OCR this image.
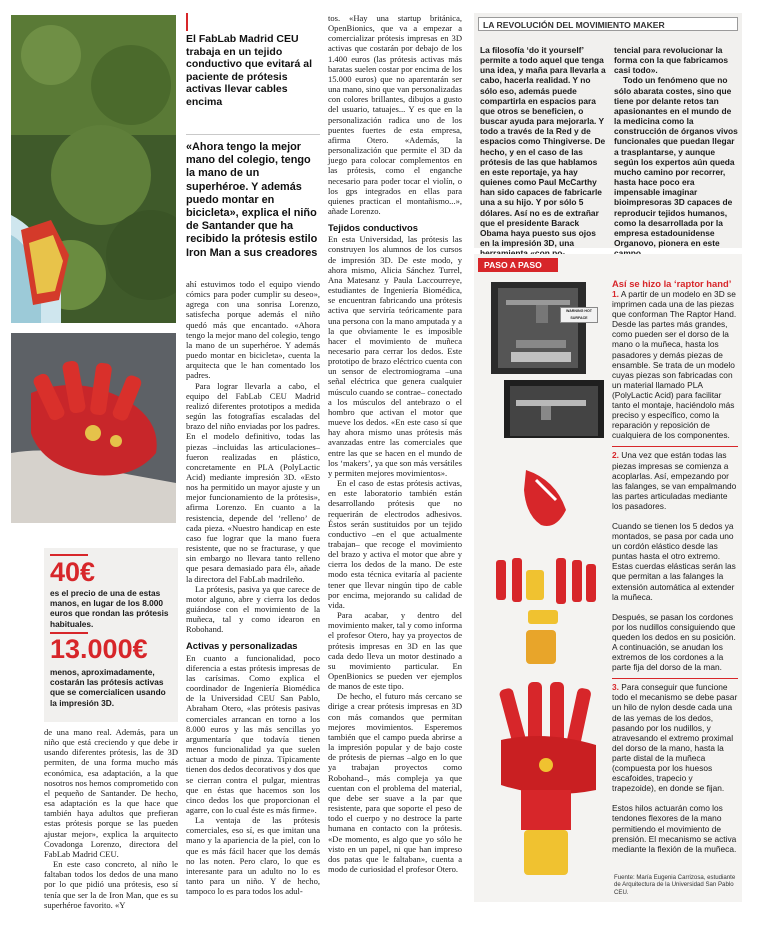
40€
es el precio de una de estas manos, en lugar de los 8.000 euros que rondan las prótesis habituales.
13.000€
menos, aproximadamente, costarán las prótesis activas que se comercialicen usando la impresión 3D.

de una mano real. Además, para un niño que está creciendo y que debe ir usando diferentes prótesis, las de 3D permiten, de una forma mucho más económica, esa adaptación, a la que nosotros nos hemos comprometido con el pequeño de Santander. De hecho, esa adaptación es la que hace que también haya adultos que prefieran estas prótesis porque se las pueden ajustar mejor», explica la arquitecto Covadonga Lorenzo, directora del FabLab Madrid CEU.

En este caso concreto, al niño le faltaban todos los dedos de una mano por lo que pidió una prótesis, eso sí tenía que ser la de Iron Man, que es su superhéroe favorito. «Y

El FabLab Madrid CEU trabaja en un tejido conductivo que evitará al paciente de prótesis activas llevar cables encima
«Ahora tengo la mejor mano del colegio, tengo la mano de un superhéroe. Y además puedo montar en bicicleta», explica el niño de Santander que ha recibido la prótesis estilo Iron Man a sus creadores

ahí estuvimos todo el equipo viendo cómics para poder cumplir su deseo», agrega con una sonrisa Lorenzo, satisfecha porque además el niño quedó más que encantado. «Ahora tengo la mejor mano del colegio, tengo la mano de un superhéroe. Y además puedo montar en bicicleta», cuenta la arquitecta que le han comentado los padres.

Para lograr llevarla a cabo, el equipo del FabLab CEU Madrid realizó diferentes prototipos a medida según las fotografías escaladas del brazo del niño enviadas por los padres. En el modelo definitivo, todas las piezas –incluidas las articulaciones– fueron realizadas en plástico, concretamente en PLA (PolyLactic Acid) mediante impresión 3D. «Esto nos ha permitido un mayor ajuste y un mejor funcionamiento de la prótesis», afirma Lorenzo. En cuanto a la resistencia, depende del ‘relleno’ de cada pieza. «Nuestro handicap en este caso fue lograr que la mano fuera resistente, que no se fracturase, y que sin embargo no llevara tanto relleno que pesara demasiado para él», añade la directora del FabLab madrileño.

La prótesis, pasiva ya que carece de motor alguno, abre y cierra los dedos guiándose con el movimiento de la muñeca, tal y como idearon en Robohand.

Activas y personalizadas

En cuanto a funcionalidad, poco diferencia a estas prótesis impresas de las carísimas. Como explica el coordinador de Ingeniería Biomédica de la Universidad CEU San Pablo, Abraham Otero, «las prótesis pasivas comerciales arrancan en torno a los 8.000 euros y las más sencillas yo argumentaría que todavía tienen menos funcionalidad ya que suelen actuar a modo de pinza. Típicamente tienen dos dedos decorativos y dos que se cierran contra el pulgar, mientras que en éstas que hacemos son los cinco dedos los que proporcionan el agarre, con lo cual éste es más firme».

La ventaja de las prótesis comerciales, eso sí, es que imitan una mano y la apariencia de la piel, con lo que es más fácil hacer que los demás no las noten. Pero claro, lo que es interesante para un adulto no lo es tanto para un niño. Y de hecho, tampoco lo es para todos los adul-

tos. «Hay una startup británica, OpenBionics, que va a empezar a comercializar prótesis impresas en 3D activas que costarán por debajo de los 1.400 euros (las prótesis activas más baratas suelen costar por encima de los 15.000 euros) que no aparentarán ser una mano, sino que van personalizadas con colores brillantes, dibujos a gusto del usuario, tatuajes... Y es que en la personalización radica uno de los puentes fuertes de esta empresa, afirma Otero. «Además, la personalización que permite el 3D da juego para colocar complementos en las prótesis, como el enganche necesario para poder tocar el violín, o los gps integrados en ellas para quienes practican el montañismo...», añade Lorenzo.

Tejidos conductivos

En esta Universidad, las prótesis las construyen los alumnos de los cursos de impresión 3D. De este modo, y ahora mismo, Alicia Sánchez Turrel, Ana Matesanz y Paula Laccourreye, estudiantes de Ingeniería Biomédica, se encuentran fabricando una prótesis activa que serviría teóricamente para una persona con la mano amputada y a la que obviamente le es imposible hacer el movimiento de muñeca necesario para cerrar los dedos. Este prototipo de brazo eléctrico cuenta con un sensor de electromiograma –una señal eléctrica que genera cualquier músculo cuando se contrae– conectado a los músculos del antebrazo o el hombro que activan el motor que mueve los dedos. «En este caso sí que hay ahora mismo unas prótesis más avanzadas entre las comerciales que entre las que se hacen en el mundo de los ‘makers’, ya que son más versátiles y permiten mejores movimientos».

En el caso de estas prótesis activas, en este laboratorio también están desarrollando prótesis que no requerirán de electrodos adhesivos. Éstos serán sustituidos por un tejido conductivo –en el que actualmente trabajan– que recoge el movimiento del brazo y activa el motor que abre y cierra los dedos de la mano. De este modo esta técnica evitaría al paciente tener que llevar ningún tipo de cable por encima, mejorando su calidad de vida.

Para acabar, y dentro del movimiento maker, tal y como informa el profesor Otero, hay ya proyectos de prótesis impresas en 3D en las que cada dedo lleva un motor destinado a su movimiento particular. En OpenBionics se pueden ver ejemplos de manos de este tipo.

De hecho, el futuro más cercano se dirige a crear prótesis impresas en 3D con más comandos que permitan mejores movimientos. Esperemos también que el campo pueda abrirse a la impresión popular y de bajo coste de prótesis de piernas –algo en lo que ya trabajan proyectos como Robohand–, más compleja ya que cuentan con el problema del material, que debe ser suave a la par que resistente, para que soporte el peso de todo el cuerpo y no destroce la parte humana en contacto con la prótesis. «De momento, es algo que yo sólo he visto en un papel, ni que han impreso dos patas que le faltaban», cuenta a modo de curiosidad el profesor Otero.

LA REVOLUCIÓN DEL MOVIMIENTO MAKER
La filosofía ‘do it yourself’ permite a todo aquel que tenga una idea, y maña para llevarla a cabo, hacerla realidad. Y no sólo eso, además puede compartirla en espacios para que otros se beneficien, o buscar ayuda para mejorarla. Y todo a través de la Red y de espacios como Thingiverse. De hecho, y en el caso de las prótesis de las que hablamos en este reportaje, ya hay quienes como Paul McCarthy han sido capaces de fabricarle una a su hijo. Y por sólo 5 dólares. Así no es de extrañar que el presidente Barack Obama haya puesto sus ojos en la impresión 3D, una

tencial para revolucionar la forma con la que fabricamos casi todo».

Todo un fenómeno que no sólo abarata costes, sino que tiene por delante retos tan apasionantes en el mundo de la medicina como la construcción de órganos vivos funcionales que puedan llegar a trasplantarse, y aunque según los expertos aún queda mucho camino por recorrer, hasta hace poco era impensable imaginar bioimpresoras 3D capaces de reproducir tejidos humanos, como la desarrollada por la empresa estadounidense Organovo, pionera en este

PASO A PASO
WARNING HOT SURFACE
Así se hizo la ‘raptor hand’
1. A partir de un modelo en 3D se imprimen cada una de las piezas que conforman The Raptor Hand. Desde las partes más grandes, como pueden ser el dorso de la mano o la muñeca, hasta los pasadores y demás piezas de ensamble. Se trata de un modelo cuyas piezas son fabricadas con un material llamado PLA (PolyLactic Acid) para facilitar tanto el montaje, haciéndolo más preciso y específico, como la reparación y reposición de cualquiera de los componentes.
2. Una vez que están todas las piezas impresas se comienza a acoplarlas. Así, empezando por las falanges, se van empalmando las partes articuladas mediante los pasadores.
Cuando se tienen los 5 dedos ya montados, se pasa por cada uno un cordón elástico desde las puntas hasta el otro extremo. Estas cuerdas elásticas serán las que permitan a las falanges la extensión automática al extender la muñeca.
Después, se pasan los cordones por los nudillos consiguiendo que queden los dedos en su posición. A continuación, se anudan los extremos de los cordones a la parte fija del dorso de la man.
3. Para conseguir que funcione todo el mecanismo se debe pasar un hilo de nylon desde cada una de las yemas de los dedos, pasando por los nudillos, y atravesando el extremo proximal del dorso de la mano, hasta la parte distal de la muñeca (compuesta por los huesos escafoides, trapecio y trapezoide), en donde se fijan.
Estos hilos actuarán como los tendones flexores de la mano permitiendo el movimiento de prensión. El mecanismo se activa mediante la flexión de la muñeca.
Fuente: María Eugenia Carrizosa, estudiante de Arquitectura de la Universidad San Pablo CEU.
